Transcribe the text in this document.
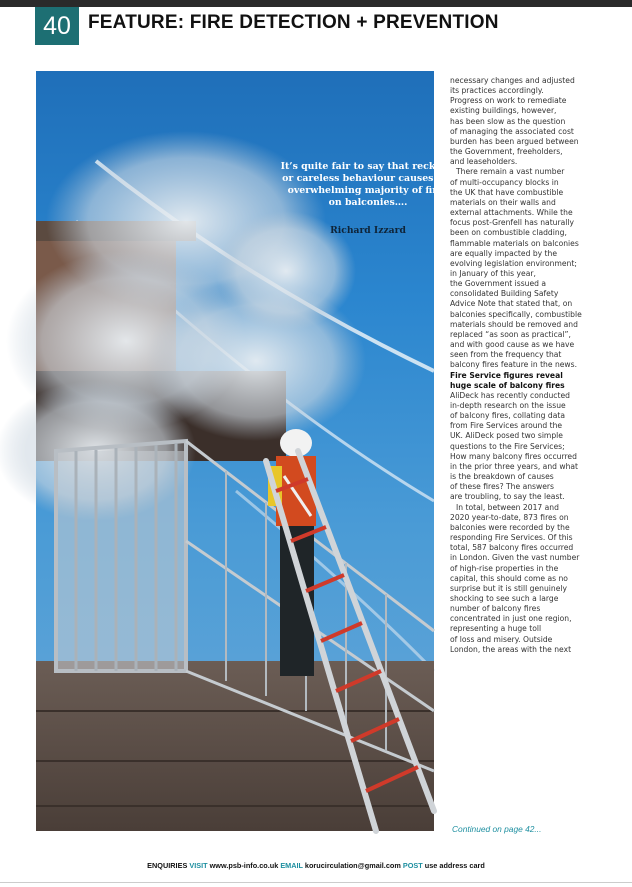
40 FEATURE: FIRE DETECTION + PREVENTION
It’s quite fair to say that reckless
or careless behaviour causes the
overwhelming majority of fires
on balconies….
Richard Izzard

necessary changes and adjusted
its practices accordingly.
Progress on work to remediate
existing buildings, however,
has been slow as the question
of managing the associated cost
burden has been argued between
the Government, freeholders,
and leaseholders.

There remain a vast number
of multi-occupancy blocks in
the UK that have combustible
materials on their walls and
external attachments. While the
focus post-Grenfell has naturally
been on combustible cladding,
flammable materials on balconies
are equally impacted by the
evolving legislation environment;
in January of this year,
the Government issued a
consolidated Building Safety
Advice Note that stated that, on
balconies specifically, combustible
materials should be removed and
replaced “as soon as practical”,
and with good cause as we have
seen from the frequency that
balcony fires feature in the news.

Fire Service figures reveal
huge scale of balcony fires

AliDeck has recently conducted
in-depth research on the issue
of balcony fires, collating data
from Fire Services around the
UK. AliDeck posed two simple
questions to the Fire Services;
How many balcony fires occurred
in the prior three years, and what
is the breakdown of causes
of these fires? The answers
are troubling, to say the least.

In total, between 2017 and
2020 year-to-date, 873 fires on
balconies were recorded by the
responding Fire Services. Of this
total, 587 balcony fires occurred
in London. Given the vast number
of high-rise properties in the
capital, this should come as no
surprise but it is still genuinely
shocking to see such a large
number of balcony fires
concentrated in just one region,
representing a huge toll
of loss and misery. Outside
London, the areas with the next

Continued on page 42...
ENQUIRIES VISIT www.psb-info.co.uk EMAIL korucirculation@gmail.com POST use address card
